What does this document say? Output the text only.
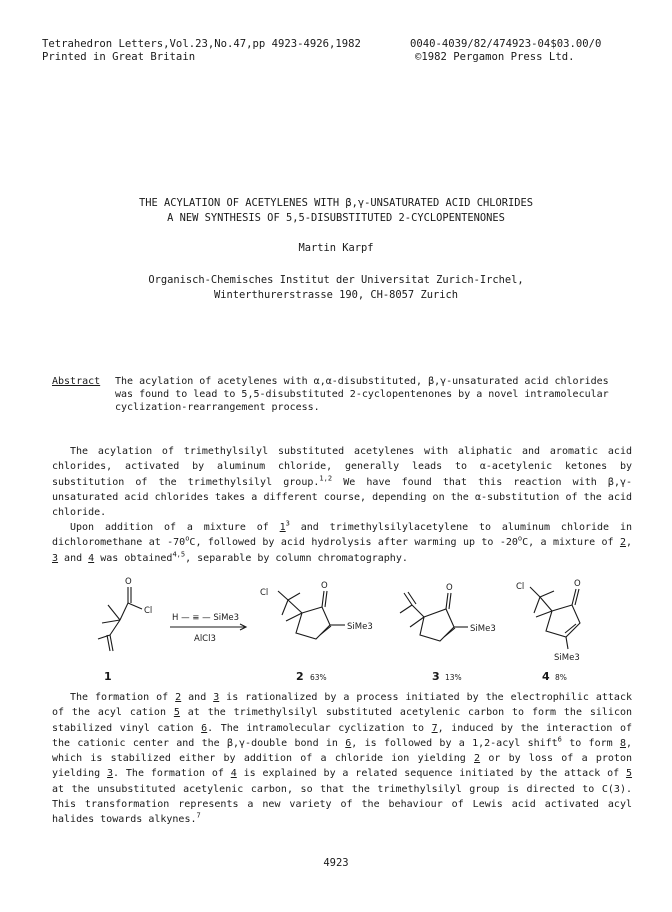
Tetrahedron Letters,Vol.23,No.47,pp 4923-4926,1982
Printed in Great Britain
0040-4039/82/474923-04$03.00/0
©1982 Pergamon Press Ltd.
THE ACYLATION OF ACETYLENES WITH β,γ-UNSATURATED ACID CHLORIDES
A NEW SYNTHESIS OF 5,5-DISUBSTITUTED 2-CYCLOPENTENONES
Martin Karpf
Organisch-Chemisches Institut der Universitat Zurich-Irchel,
Winterthurerstrasse 190, CH-8057 Zurich
Abstract The acylation of acetylenes with α,α-disubstituted, β,γ-unsaturated acid chlorides was found to lead to 5,5-disubstituted 2-cyclopentenones by a novel intramolecular cyclization-rearrangement process.
The acylation of trimethylsilyl substituted acetylenes with aliphatic and aromatic acid chlorides, activated by aluminum chloride, generally leads to α-acetylenic ketones by substitution of the trimethylsilyl group.$^{1,2}$ We have found that this reaction with β,γ-unsaturated acid chlorides takes a different course, depending on the α-substitution of the acid chloride.
Upon addition of a mixture of $1^3$ and trimethylsilylacetylene to aluminum chloride in dichloromethane at -70$^o$C, followed by acid hydrolysis after warming up to -20$^o$C, a mixture of 2, 3 and 4 was obtained$^{4,5}$, separable by column chromatography.
O
Cl
H — ≡ — SiMe3
AlCl3
Cl
O
SiMe3
O
SiMe3
Cl	O
SiMe3
1	2	3	4
63%	13%	8%
The formation of 2 and 3 is rationalized by a process initiated by the electrophilic attack of the acyl cation 5 at the trimethylsilyl substituted acetylenic carbon to form the silicon stabilized vinyl cation 6. The intramolecular cyclization to 7, induced by the interaction of the cationic center and the β,γ-double bond in 6, is followed by a 1,2-acyl shift$^6$ to form 8, which is stabilized either by addition of a chloride ion yielding 2 or by loss of a proton yielding 3. The formation of 4 is explained by a related sequence initiated by the attack of 5 at the unsubstituted acetylenic carbon, so that the trimethylsilyl group is directed to C(3). This transformation represents a new variety of the behaviour of Lewis acid activated acyl halides towards alkynes.$^7$
4923
